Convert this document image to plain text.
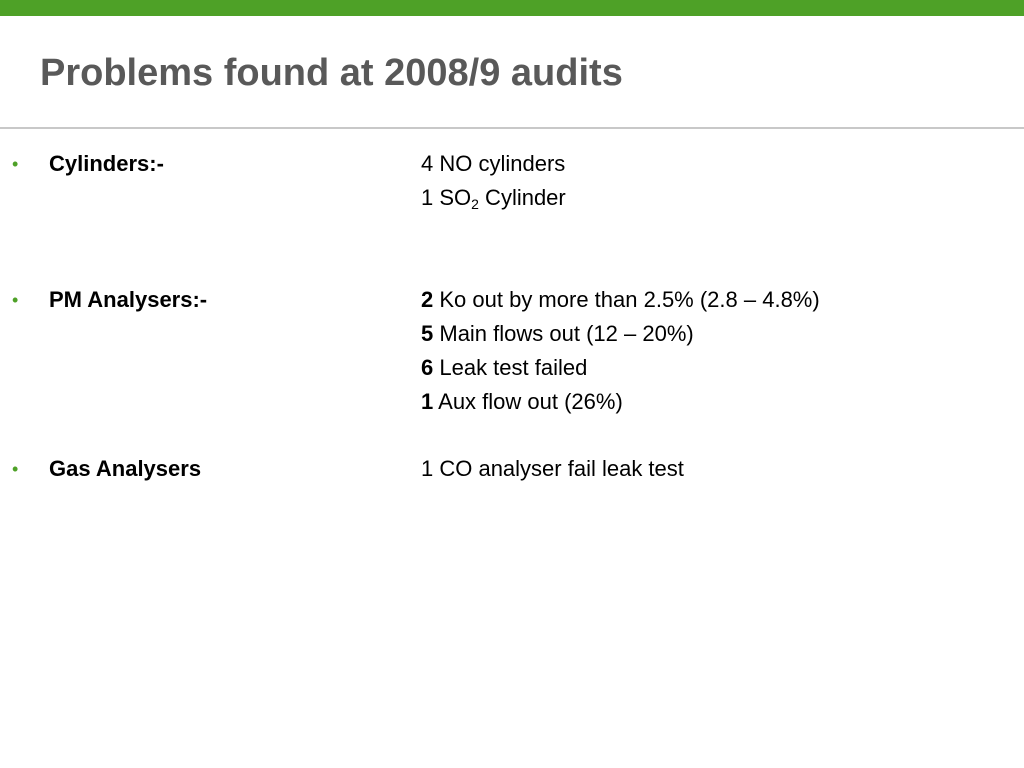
Problems found at 2008/9 audits
• Cylinders:-	4 NO cylinders
1 $SO_2$ Cylinder
• PM Analysers:-	2 Ko out by more than 2.5% (2.8 – 4.8%)
5 Main flows out (12 – 20%)
6 Leak test failed
1 Aux flow out (26%)
• Gas Analysers	1 CO analyser fail leak test
